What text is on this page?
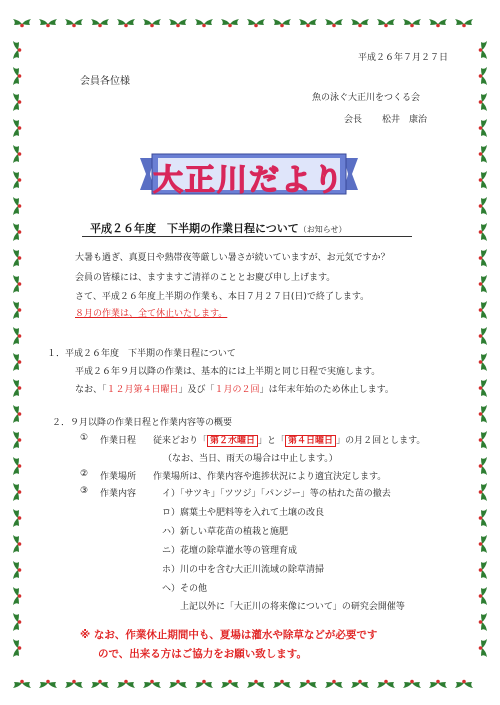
平成２６年７月２７日
会員各位様
魚の泳ぐ大正川をつくる会
会長 松井　康治
大正川だより
平成２６年度　下半期の作業日程について（お知らせ）
大暑も過ぎ、真夏日や熱帯夜等厳しい暑さが続いていますが、お元気ですか？
会員の皆様には、ますますご清祥のこととお慶び申し上げます。
さて、平成２６年度上半期の作業も、本日７月２７日(日)で終了します。
８月の作業は、全て休止いたします。
１．平成２６年度　下半期の作業日程について
平成２６年９月以降の作業は、基本的には上半期と同じ日程で実施します。
なお、「１２月第４日曜日」及び「１月の２回」は年末年始のため休止します。
２．９月以降の作業日程と作業内容等の概要
① 作業日程 従来どおり「 第２水曜日 」と「 第４日曜日 」の月２回とします。
（なお、当日、雨天の場合は中止します。）
② 作業場所 作業場所は、作業内容や進捗状況により適宜決定します。
③ 作業内容	イ）「サツキ」「ツツジ」「パンジー」等の枯れた苗の撤去
ロ）腐葉土や肥料等を入れて土壌の改良
ハ）新しい草花苗の植栽と施肥
ニ）花壇の除草灌水等の管理育成
ホ）川の中を含む大正川流域の除草清掃
ヘ）その他
上記以外に「大正川の将来像について」の研究会開催等
※ なお、作業休止期間中も、夏場は灌水や除草などが必要です
ので、出来る方はご協力をお願い致します。
